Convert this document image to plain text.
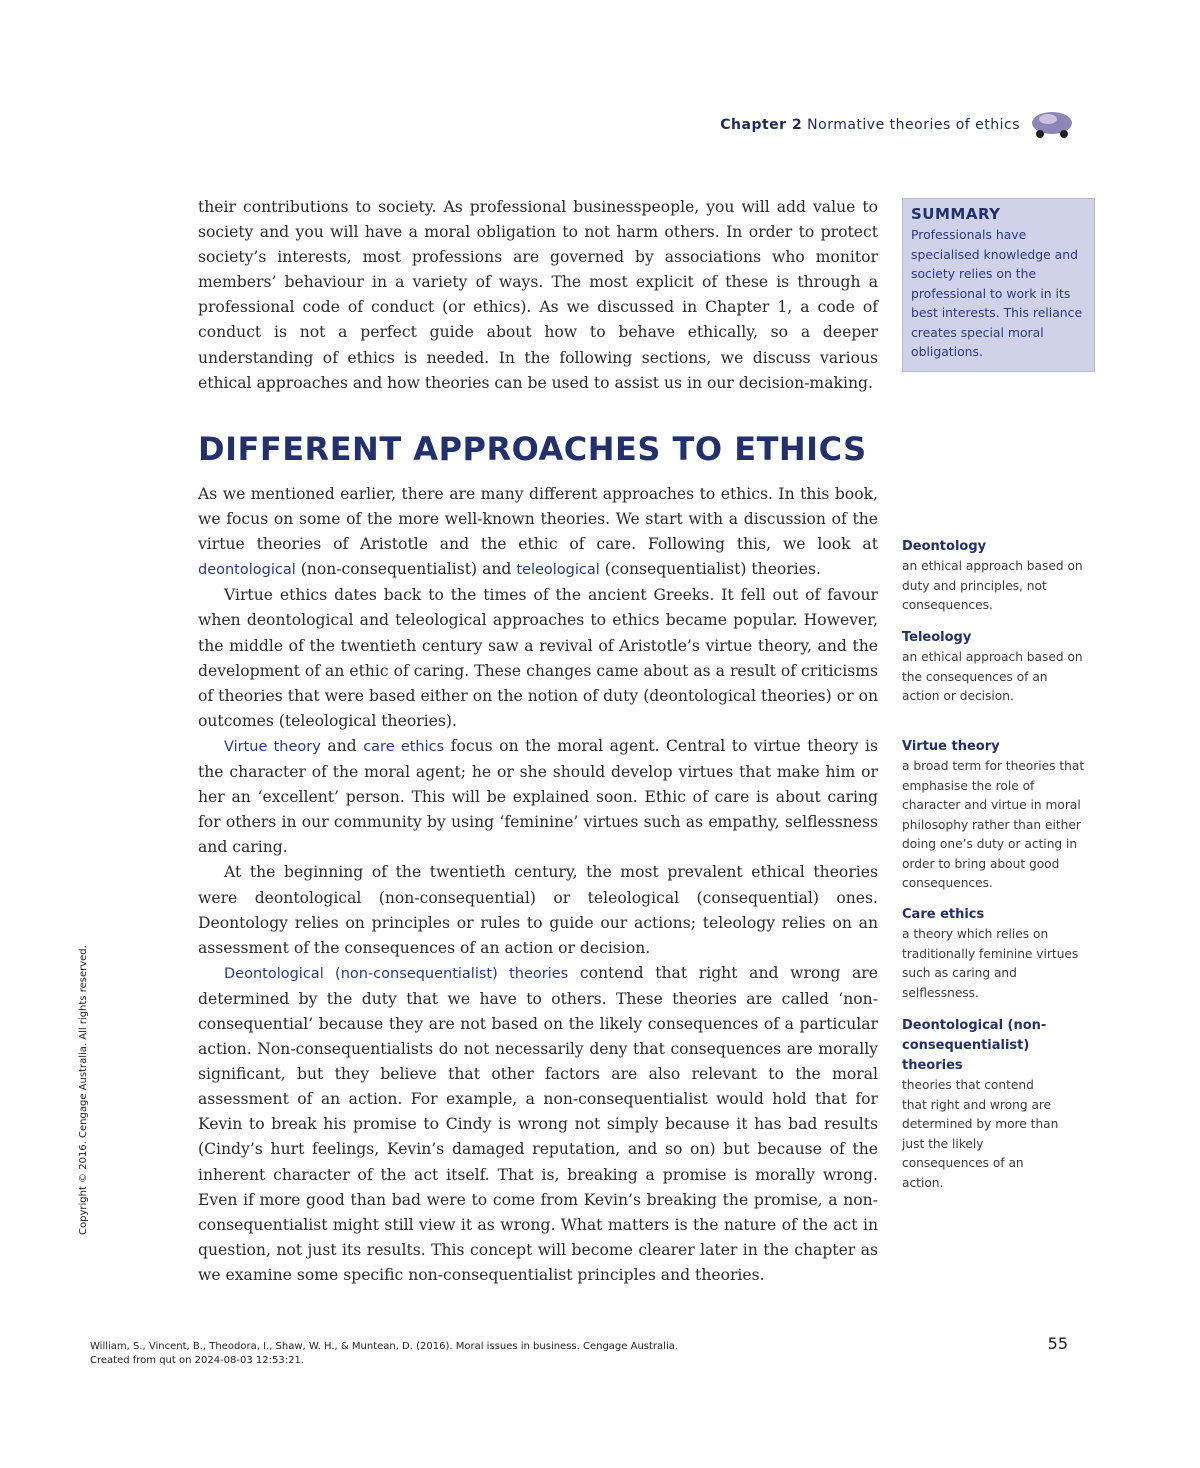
Chapter 2 Normative theories of ethics

their contributions to society. As professional businesspeople, you will add value to society and you will have a moral obligation to not harm others. In order to protect society’s interests, most professions are governed by associations who monitor members’ behaviour in a variety of ways. The most explicit of these is through a professional code of conduct (or ethics). As we discussed in Chapter 1, a code of conduct is not a perfect guide about how to behave ethically, so a deeper understanding of ethics is needed. In the following sections, we discuss various ethical approaches and how theories can be used to assist us in our decision-making.

SUMMARY
Professionals have specialised knowledge and society relies on the professional to work in its best interests. This reliance creates special moral obligations.
DIFFERENT APPROACHES TO ETHICS

As we mentioned earlier, there are many different approaches to ethics. In this book, we focus on some of the more well-known theories. We start with a discussion of the virtue theories of Aristotle and the ethic of care. Following this, we look at deontological (non-consequentialist) and teleological (consequentialist) theories.

Virtue ethics dates back to the times of the ancient Greeks. It fell out of favour when deontological and teleological approaches to ethics became popular. However, the middle of the twentieth century saw a revival of Aristotle’s virtue theory, and the development of an ethic of caring. These changes came about as a result of criticisms of theories that were based either on the notion of duty (deontological theories) or on outcomes (teleological theories).

Virtue theory and care ethics focus on the moral agent. Central to virtue theory is the character of the moral agent; he or she should develop virtues that make him or her an ‘excellent’ person. This will be explained soon. Ethic of care is about caring for others in our community by using ‘feminine’ virtues such as empathy, selflessness and caring.

At the beginning of the twentieth century, the most prevalent ethical theories were deontological (non-consequential) or teleological (consequential) ones. Deontology relies on principles or rules to guide our actions; teleology relies on an assessment of the consequences of an action or decision.

Deontological (non-consequentialist) theories contend that right and wrong are determined by the duty that we have to others. These theories are called ‘non-consequential’ because they are not based on the likely consequences of a particular action. Non-consequentialists do not necessarily deny that consequences are morally significant, but they believe that other factors are also relevant to the moral assessment of an action. For example, a non-consequentialist would hold that for Kevin to break his promise to Cindy is wrong not simply because it has bad results (Cindy’s hurt feelings, Kevin’s damaged reputation, and so on) but because of the inherent character of the act itself. That is, breaking a promise is morally wrong. Even if more good than bad were to come from Kevin’s breaking the promise, a non-consequentialist might still view it as wrong. What matters is the nature of the act in question, not just its results. This concept will become clearer later in the chapter as we examine some specific non-consequentialist principles and theories.

Deontology
an ethical approach based on duty and principles, not consequences.
Teleology
an ethical approach based on the consequences of an action or decision.
Virtue theory
a broad term for theories that emphasise the role of character and virtue in moral philosophy rather than either doing one’s duty or acting in order to bring about good consequences.
Care ethics
a theory which relies on traditionally feminine virtues such as caring and selflessness.
Deontological (non-consequentialist) theories
theories that contend that right and wrong are determined by more than just the likely consequences of an action.
Copyright © 2016. Cengage Australia. All rights reserved.
William, S., Vincent, B., Theodora, I., Shaw, W. H., & Muntean, D. (2016). Moral issues in business. Cengage Australia.
Created from qut on 2024-08-03 12:53:21.
55
